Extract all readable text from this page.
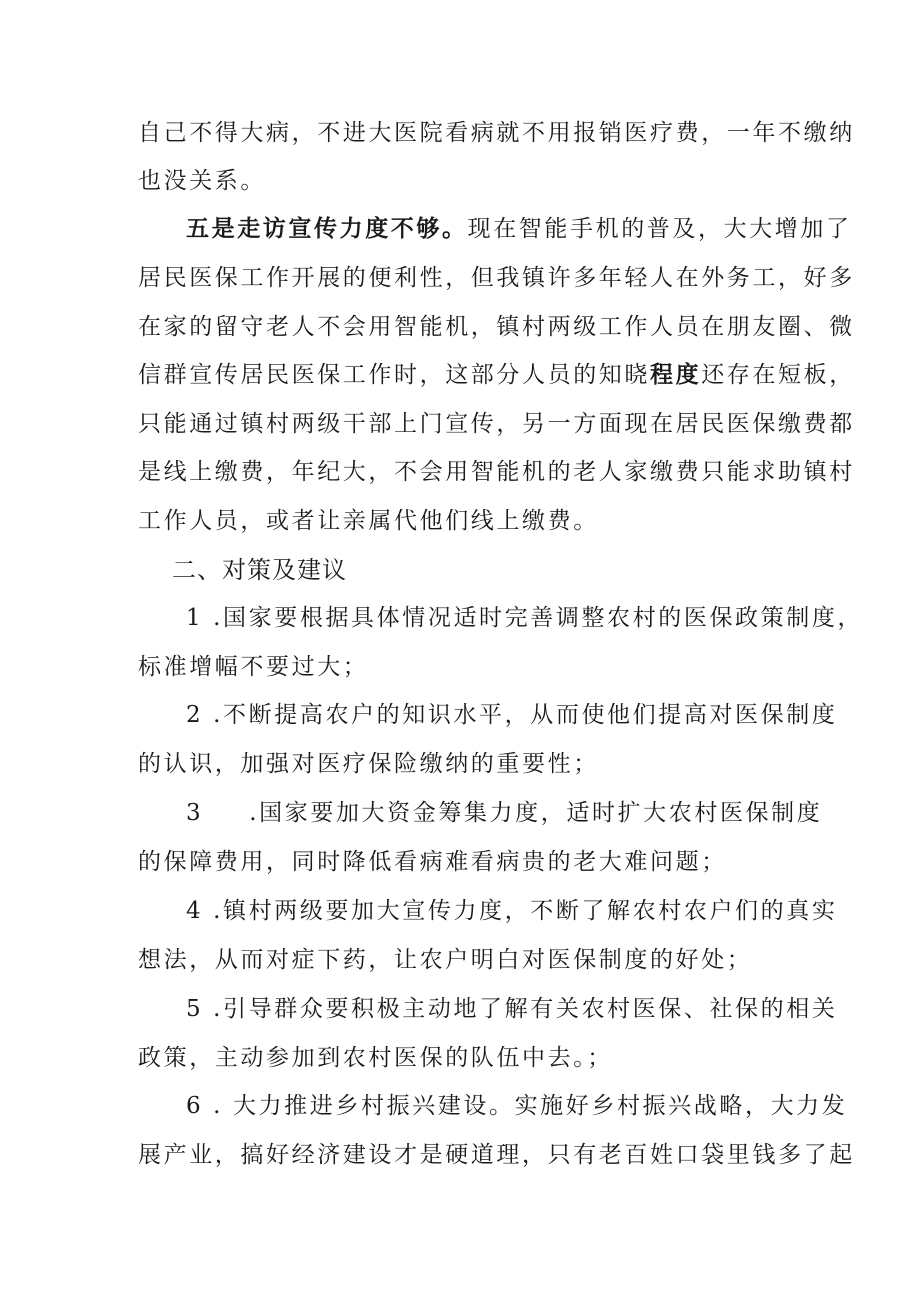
自己不得大病，不进大医院看病就不用报销医疗费，一年不缴纳
也没关系。
五是走访宣传力度不够。现在智能手机的普及，大大增加了
居民医保工作开展的便利性，但我镇许多年轻人在外务工，好多
在家的留守老人不会用智能机，镇村两级工作人员在朋友圈、微
信群宣传居民医保工作时，这部分人员的知晓程度还存在短板，
只能通过镇村两级干部上门宣传，另一方面现在居民医保缴费都
是线上缴费，年纪大，不会用智能机的老人家缴费只能求助镇村
工作人员，或者让亲属代他们线上缴费。
二、对策及建议
1 .国家要根据具体情况适时完善调整农村的医保政策制度，
标准增幅不要过大；
2 .不断提高农户的知识水平，从而使他们提高对医保制度
的认识，加强对医疗保险缴纳的重要性；
3 .国家要加大资金筹集力度，适时扩大农村医保制度
的保障费用，同时降低看病难看病贵的老大难问题；
4 .镇村两级要加大宣传力度，不断了解农村农户们的真实
想法，从而对症下药，让农户明白对医保制度的好处；
5 .引导群众要积极主动地了解有关农村医保、社保的相关
政策，主动参加到农村医保的队伍中去。；
6 . 大力推进乡村振兴建设。实施好乡村振兴战略，大力发
展产业，搞好经济建设才是硬道理，只有老百姓口袋里钱多了起
